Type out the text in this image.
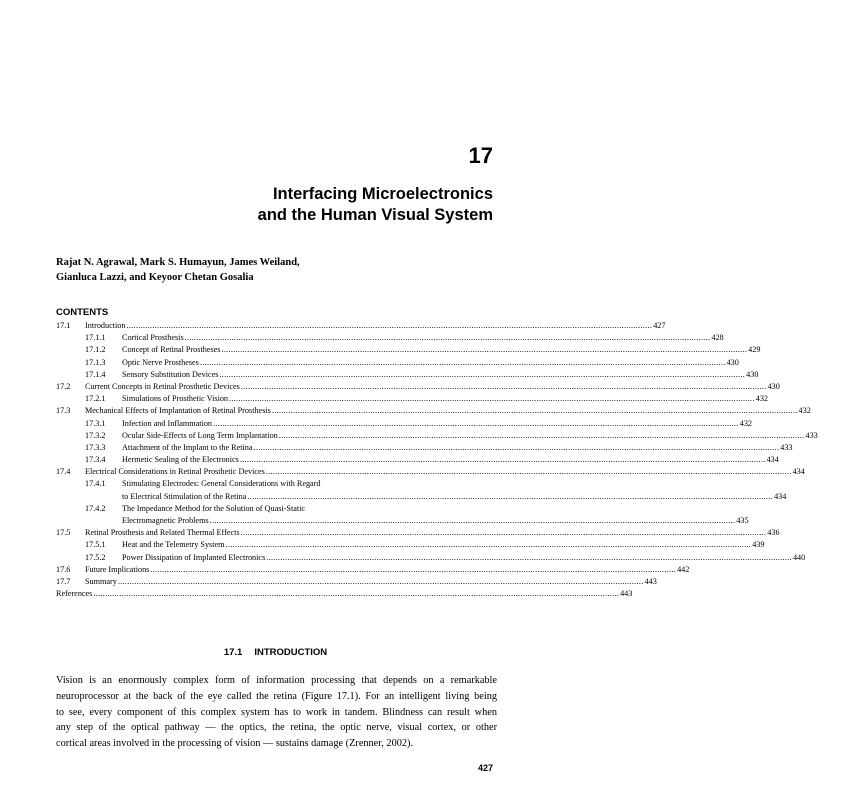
17
Interfacing Microelectronics
and the Human Visual System
Rajat N. Agrawal, Mark S. Humayun, James Weiland,
Gianluca Lazzi, and Keyoor Chetan Gosalia
CONTENTS
17.1	Introduction .....	427
17.1.1	Cortical Prosthesis .....	428
17.1.2	Concept of Retinal Prostheses .....	429
17.1.3	Optic Nerve Prostheses .....	430
17.1.4	Sensory Substitution Devices .....	430
17.2	Current Concepts in Retinal Prosthetic Devices .....	430
17.2.1	Simulations of Prosthetic Vision .....	432
17.3	Mechanical Effects of Implantation of Retinal Prosthesis .....	432
17.3.1	Infection and Inflammation .....	432
17.3.2	Ocular Side-Effects of Long Term Implantation .....	433
17.3.3	Attachment of the Implant to the Retina .....	433
17.3.4	Hermetic Sealing of the Electronics .....	434
17.4	Electrical Considerations in Retinal Prosthetic Devices .....	434
17.4.1	Stimulating Electrodes: General Considerations with Regard
to Electrical Stimulation of the Retina .....	434
17.4.2	The Impedance Method for the Solution of Quasi-Static
Electromagnetic Problems .....	435
17.5	Retinal Prosthesis and Related Thermal Effects .....	436
17.5.1	Heat and the Telemetry System .....	439
17.5.2	Power Dissipation of Implanted Electronics .....	440
17.6	Future Implications .....	442
17.7	Summary .....	443
References .....	443
17.1 INTRODUCTION
Vision is an enormously complex form of information processing that depends on a remarkable
neuroprocessor at the back of the eye called the retina (Figure 17.1). For an intelligent living being
to see, every component of this complex system has to work in tandem. Blindness can result when
any step of the optical pathway — the optics, the retina, the optic nerve, visual cortex, or other
cortical areas involved in the processing of vision — sustains damage (Zrenner, 2002).
427
